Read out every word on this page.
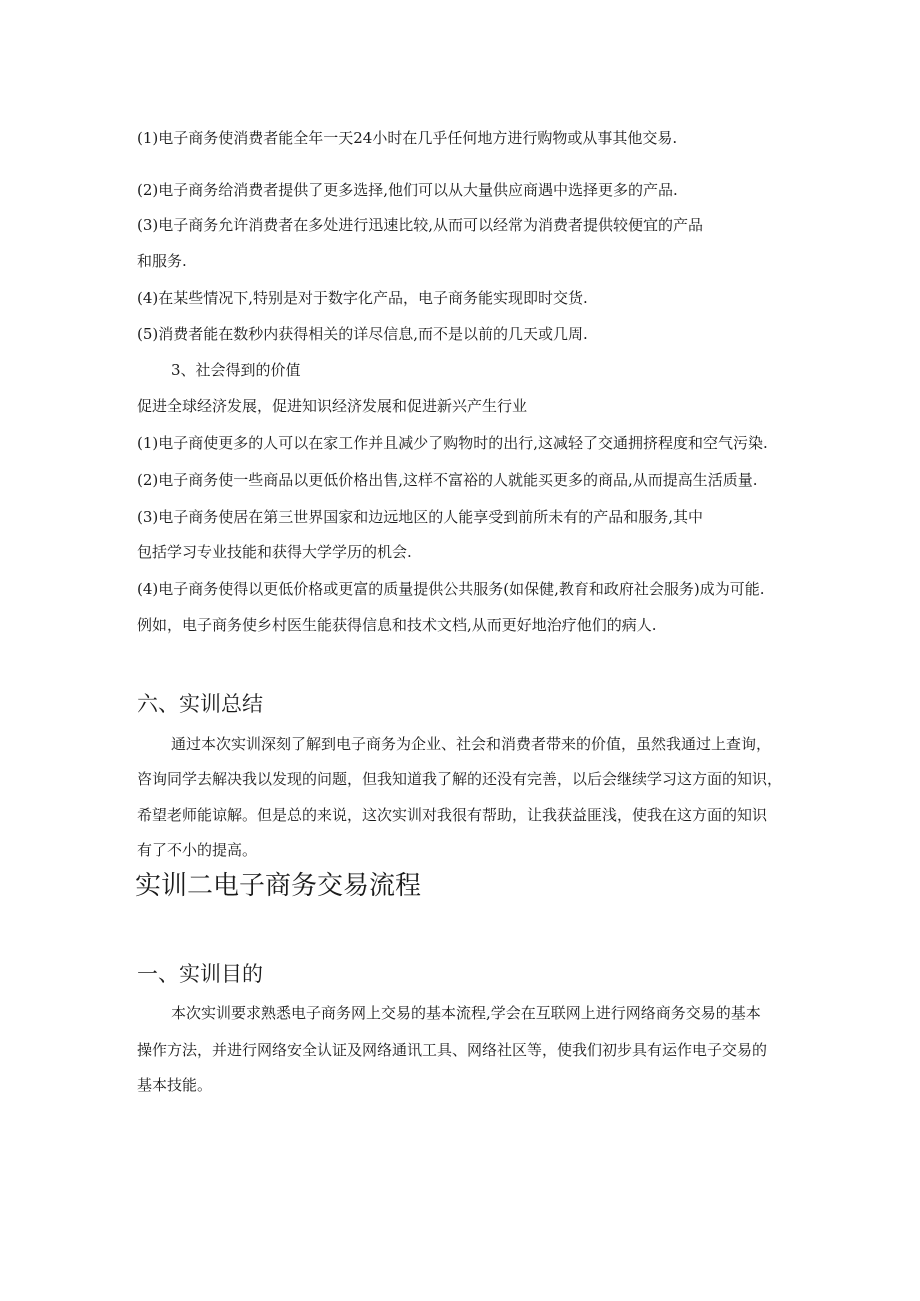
(1)电子商务使消费者能全年一天24小时在几乎任何地方进行购物或从事其他交易.
(2)电子商务给消费者提供了更多选择,他们可以从大量供应商遇中选择更多的产品.
(3)电子商务允许消费者在多处进行迅速比较,从而可以经常为消费者提供较便宜的产品
和服务.
(4)在某些情况下,特别是对于数字化产品，电子商务能实现即时交货.
(5)消费者能在数秒内获得相关的详尽信息,而不是以前的几天或几周.
3、社会得到的价值
促进全球经济发展，促进知识经济发展和促进新兴产生行业
(1)电子商使更多的人可以在家工作并且减少了购物时的出行,这减轻了交通拥挤程度和空气污染.
(2)电子商务使一些商品以更低价格出售,这样不富裕的人就能买更多的商品,从而提高生活质量.
(3)电子商务使居在第三世界国家和边远地区的人能享受到前所未有的产品和服务,其中
包括学习专业技能和获得大学学历的机会.
(4)电子商务使得以更低价格或更富的质量提供公共服务(如保健,教育和政府社会服务)成为可能.
例如，电子商务使乡村医生能获得信息和技术文档,从而更好地治疗他们的病人.
六、实训总结
通过本次实训深刻了解到电子商务为企业、社会和消费者带来的价值，虽然我通过上查询，
咨询同学去解决我以发现的问题，但我知道我了解的还没有完善，以后会继续学习这方面的知识，
希望老师能谅解。但是总的来说，这次实训对我很有帮助，让我获益匪浅，使我在这方面的知识
有了不小的提高。
实训二电子商务交易流程
一、实训目的
本次实训要求熟悉电子商务网上交易的基本流程,学会在互联网上进行网络商务交易的基本
操作方法，并进行网络安全认证及网络通讯工具、网络社区等，使我们初步具有运作电子交易的
基本技能。
